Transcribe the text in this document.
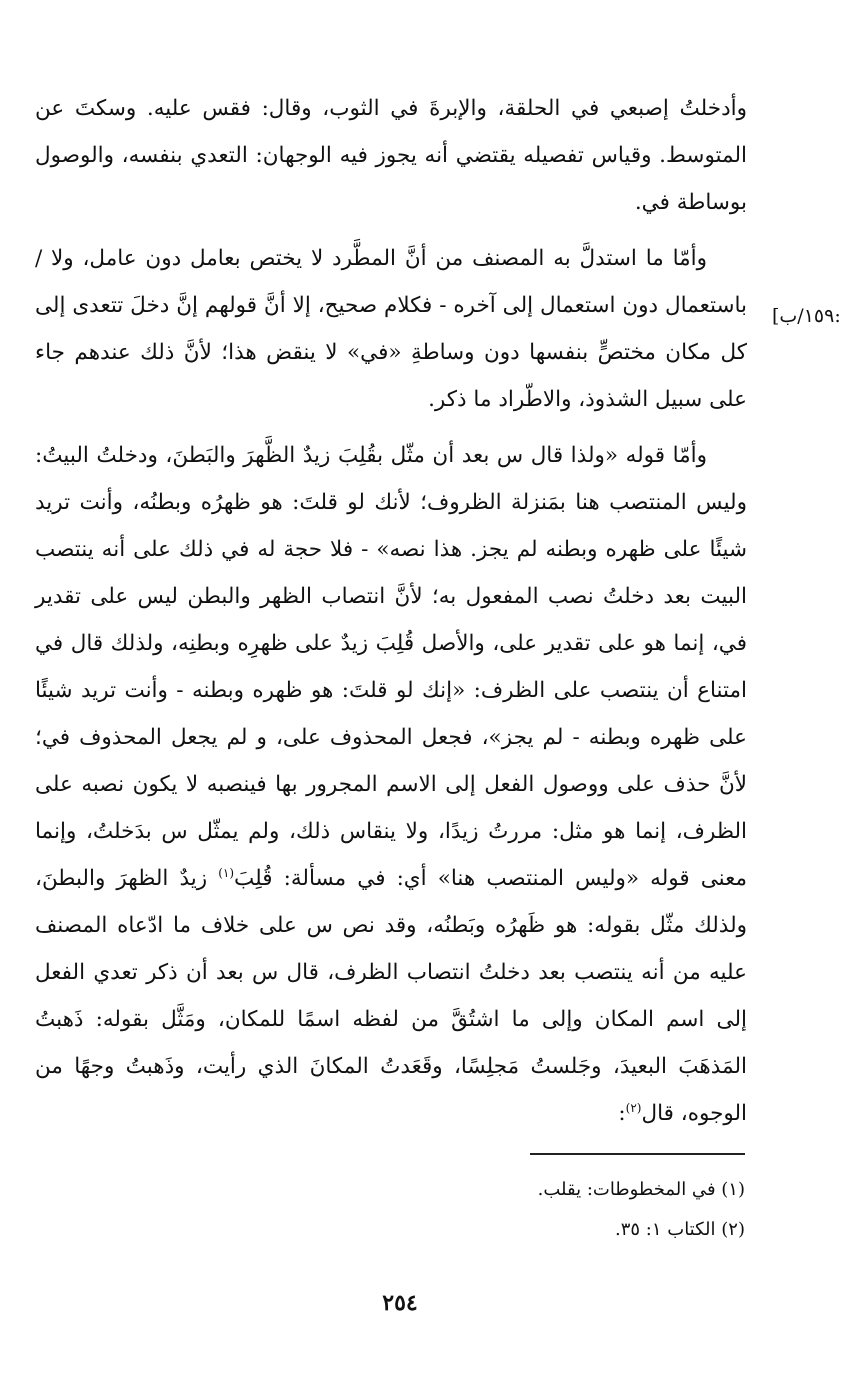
:١٥٩/ب]

وأدخلتُ إصبعي في الحلقة، والإبرةَ في الثوب، وقال: فقس عليه. وسكتَ عن المتوسط. وقياس تفصيله يقتضي أنه يجوز فيه الوجهان: التعدي بنفسه، والوصول بوساطة في.

وأمّا ما استدلَّ به المصنف من أنَّ المطَّرد لا يختص بعامل دون عامل، ولا /باستعمال دون استعمال إلى آخره - فكلام صحيح، إلا أنَّ قولهم إنَّ دخلَ تتعدى إلى كل مكان مختصٍّ بنفسها دون وساطةِ «في» لا ينقض هذا؛ لأنَّ ذلك عندهم جاء على سبيل الشذوذ، والاطّراد ما ذكر.

وأمّا قوله «ولذا قال س بعد أن مثّل بقُلِبَ زيدٌ الظَّهرَ والبَطنَ، ودخلتُ البيتُ: وليس المنتصب هنا بمَنزلة الظروف؛ لأنك لو قلتَ: هو ظهرُه وبطنُه، وأنت تريد شيئًا على ظهره وبطنه لم يجز. هذا نصه» - فلا حجة له في ذلك على أنه ينتصب البيت بعد دخلتُ نصب المفعول به؛ لأنَّ انتصاب الظهر والبطن ليس على تقدير في، إنما هو على تقدير على، والأصل قُلِبَ زيدٌ على ظهرِه وبطنِه، ولذلك قال في امتناع أن ينتصب على الظرف: «إنك لو قلتَ: هو ظهره وبطنه - وأنت تريد شيئًا على ظهره وبطنه - لم يجز»، فجعل المحذوف على، و لم يجعل المحذوف في؛ لأنَّ حذف على ووصول الفعل إلى الاسم المجرور بها فينصبه لا يكون نصبه على الظرف، إنما هو مثل: مررتُ زيدًا، ولا ينقاس ذلك، ولم يمثّل س بدَخلتُ، وإنما معنى قوله «وليس المنتصب هنا» أي: في مسألة: قُلِبَ$^{(١)}$ زيدٌ الظهرَ والبطنَ، ولذلك مثّل بقوله: هو ظَهرُه وبَطنُه، وقد نص س على خلاف ما ادّعاه المصنف عليه من أنه ينتصب بعد دخلتُ انتصاب الظرف، قال س بعد أن ذكر تعدي الفعل إلى اسم المكان وإلى ما اشتُقَّ من لفظه اسمًا للمكان، ومَثَّل بقوله: ذَهبتُ المَذهَبَ البعيدَ، وجَلستُ مَجلِسًا، وقَعَدتُ المكانَ الذي رأيت، وذَهبتُ وجهًا من الوجوه، قال$^{(٢)}$:

(١) في المخطوطات: يقلب.

(٢) الكتاب ١: ٣٥.

٢٥٤
